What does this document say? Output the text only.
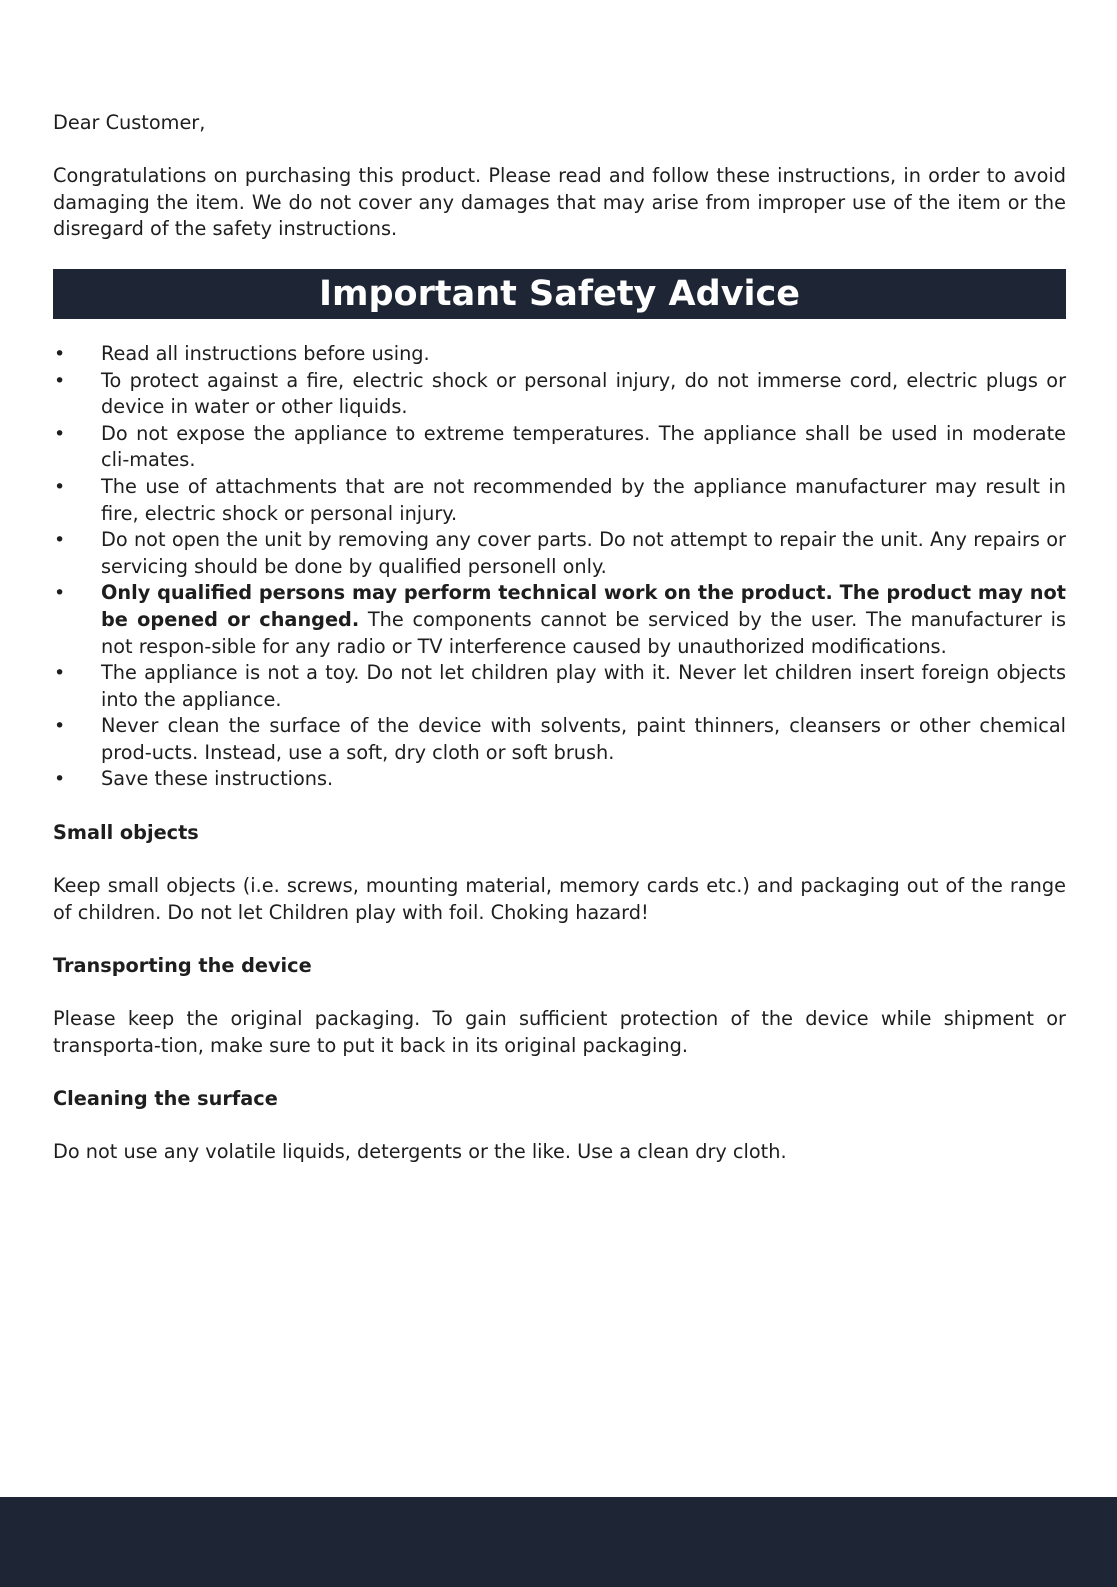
Dear Customer,

Congratulations on purchasing this product. Please read and follow these instructions, in order to avoid damaging the item. We do not cover any damages that may arise from improper use of the item or the disregard of the safety instructions.

Important Safety Advice
• Read all instructions before using.
• To protect against a fire, electric shock or personal injury, do not immerse cord, electric plugs or device in water or other liquids.
• Do not expose the appliance to extreme temperatures. The appliance shall be used in moderate cli-mates.
• The use of attachments that are not recommended by the appliance manufacturer may result in fire, electric shock or personal injury.
• Do not open the unit by removing any cover parts. Do not attempt to repair the unit. Any repairs or servicing should be done by qualified personell only.
• Only qualified persons may perform technical work on the product. The product may not be opened or changed. The components cannot be serviced by the user. The manufacturer is not respon-sible for any radio or TV interference caused by unauthorized modifications.
• The appliance is not a toy. Do not let children play with it. Never let children insert foreign objects into the appliance.
• Never clean the surface of the device with solvents, paint thinners, cleansers or other chemical prod-ucts. Instead, use a soft, dry cloth or soft brush.
• Save these instructions.
Small objects

Keep small objects (i.e. screws, mounting material, memory cards etc.) and packaging out of the range of children. Do not let Children play with foil. Choking hazard!

Transporting the device

Please keep the original packaging. To gain sufficient protection of the device while shipment or transporta-tion, make sure to put it back in its original packaging.

Cleaning the surface

Do not use any volatile liquids, detergents or the like. Use a clean dry cloth.
